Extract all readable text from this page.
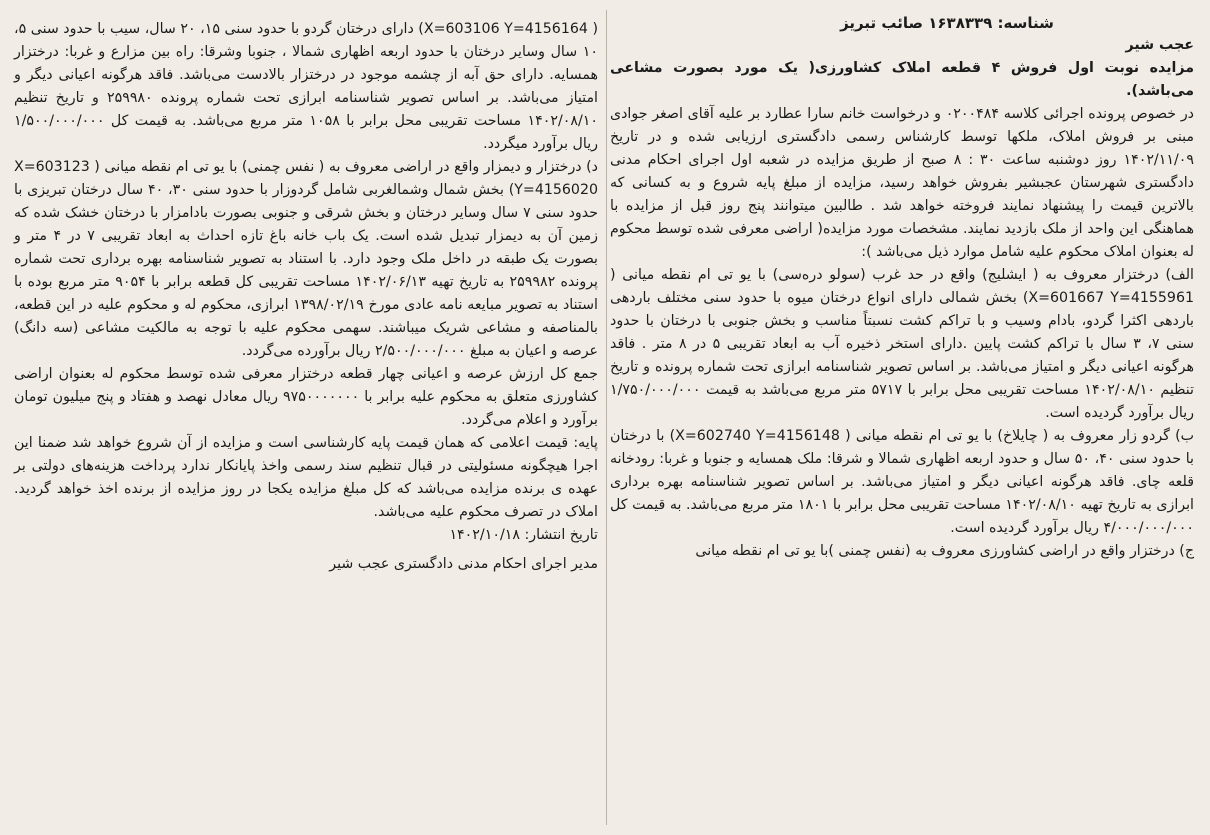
شناسه: ۱۶۳۸۳۳۹ صائب تبریز

عجب شیر

مزایده نوبت اول فروش ۴ قطعه املاک کشاورزی( یک مورد بصورت مشاعی می‌باشد).

در خصوص پرونده اجرائی کلاسه ۰۲۰۰۴۸۴ و درخواست خانم سارا عطارد بر علیه آقای اصغر جوادی مبنی بر فروش املاک، ملکها توسط کارشناس رسمی دادگستری ارزیابی شده و در تاریخ ۱۴۰۲/۱۱/۰۹ روز دوشنبه ساعت ۳۰ : ۸ صبح از طریق مزایده در شعبه اول اجرای احکام مدنی دادگستری شهرستان عجبشیر بفروش خواهد رسید، مزایده از مبلغ پایه شروع و به کسانی که بالاترین قیمت را پیشنهاد نمایند فروخته خواهد شد . طالبین میتوانند پنج روز قبل از مزایده با هماهنگی این واحد از ملک بازدید نمایند. مشخصات مورد مزایده( اراضی معرفی شده توسط محکوم له بعنوان املاک محکوم علیه شامل موارد ذیل می‌باشد ):

الف) درختزار معروف به ( ایشلیج) واقع در حد غرب (سولو دره‌سی) با یو تی ام نقطه میانی ( X=601667 Y=4155961) بخش شمالی دارای انواع درختان میوه با حدود سنی مختلف باردهی بارد‌هی اکثرا گردو، بادام وسیب و با تراکم کشت نسبتاً مناسب و بخش جنوبی با درختان با حدود سنی ۷، ۳ سال با تراکم کشت پایین .دارای استخر ذخیره آب به ابعاد تقریبی ۵ در ۸ متر . فاقد هرگونه اعیانی دیگر و امتیاز می‌باشد. بر اساس تصویر شناسنامه ابرازی تحت شماره پرونده و تاریخ تنظیم ۱۴۰۲/۰۸/۱۰ مساحت تقریبی محل برابر با ۵۷۱۷ متر مربع می‌باشد به قیمت ۱/۷۵۰/۰۰۰/۰۰۰ ریال برآورد گردیده است.

ب) گردو زار معروف به ( چایلاخ) با یو تی ام نقطه میانی ( X=602740 Y=4156148) با درختان با حدود سنی ۴۰، ۵۰ سال و حدود اربعه اظهاری شمالا و شرقا: ملک همسایه و جنوبا و غربا: رودخانه قلعه چای. فاقد هرگونه اعیانی دیگر و امتیاز می‌باشد. بر اساس تصویر شناسنامه بهره برداری ابرازی به تاریخ تهیه ۱۴۰۲/۰۸/۱۰ مساحت تقریبی محل برابر با ۱۸۰۱ متر مربع می‌باشد. به قیمت کل ۴/۰۰۰/۰۰۰/۰۰۰ ریال برآورد گردیده است.

ج) درختزار واقع در اراضی کشاورزی معروف به (نفس چمنی )با یو تی ام نقطه میانی

( X=603106 Y=4156164) دارای درختان گردو با حدود سنی ۱۵، ۲۰ سال، سیب با حدود سنی ۵، ۱۰ سال وسایر درختان با حدود اربعه اظهاری شمالا ، جنوبا وشرقا: راه بین مزارع و غربا: درختزار همسایه. دارای حق آبه از چشمه موجود در درختزار بالادست می‌باشد. فاقد هرگونه اعیانی دیگر و امتیاز می‌باشد. بر اساس تصویر شناسنامه ابرازی تحت شماره پرونده ۲۵۹۹۸۰ و تاریخ تنظیم ۱۴۰۲/۰۸/۱۰ مساحت تقریبی محل برابر با ۱۰۵۸ متر مربع می‌باشد. به قیمت کل ۱/۵۰۰/۰۰۰/۰۰۰ ریال برآورد میگردد.

د) درختزار و دیمزار واقع در اراضی معروف به ( نفس چمنی) با یو تی ام نقطه میانی ( X=603123 Y=4156020) بخش شمال وشمالغربی شامل گردوزار با حدود سنی ۳۰، ۴۰ سال درختان تبریزی با حدود سنی ۷ سال وسایر درختان و بخش شرقی و جنوبی بصورت بادامزار با درختان خشک شده که زمین آن به دیمزار تبدیل شده است. یک باب خانه باغ تازه احداث به ابعاد تقریبی ۷ در ۴ متر و بصورت یک طبقه در داخل ملک وجود دارد. با استناد به تصویر شناسنامه بهره برداری تحت شماره پرونده ۲۵۹۹۸۲ به تاریخ تهیه ۱۴۰۲/۰۶/۱۳ مساحت تقریبی کل قطعه برابر با ۹۰۵۴ متر مربع بوده با استناد به تصویر مبایعه نامه عادی مورخ ۱۳۹۸/۰۲/۱۹ ابرازی، محکوم له و محکوم علیه در این قطعه، بالمناصفه و مشاعی شریک میباشند. سهمی محکوم علیه با توجه به مالکیت مشاعی (سه دانگ) عرصه و اعیان به مبلغ ۲/۵۰۰/۰۰۰/۰۰۰ ریال برآورده می‌گردد.

جمع کل ارزش عرصه و اعیانی چهار قطعه درختزار معرفی شده توسط محکوم له بعنوان اراضی کشاورزی متعلق به محکوم علیه برابر با ۹۷۵۰۰۰۰۰۰۰ ریال معادل نهصد و هفتاد و پنج میلیون تومان برآورد و اعلام می‌گردد.

پایه: قیمت اعلامی که همان قیمت پایه کارشناسی است و مزایده از آن شروع خواهد شد ضمنا این اجرا هیچگونه مسئولیتی در قبال تنظیم سند رسمی واخذ پایانکار ندارد پرداخت هزینه‌های دولتی بر عهده ی برنده مزایده می‌باشد که کل مبلغ مزایده یکجا در روز مزایده از برنده اخذ خواهد گردید. املاک در تصرف محکوم علیه می‌باشد.

تاریخ انتشار: ۱۴۰۲/۱۰/۱۸

مدیر اجرای احکام مدنی دادگستری عجب شیر
